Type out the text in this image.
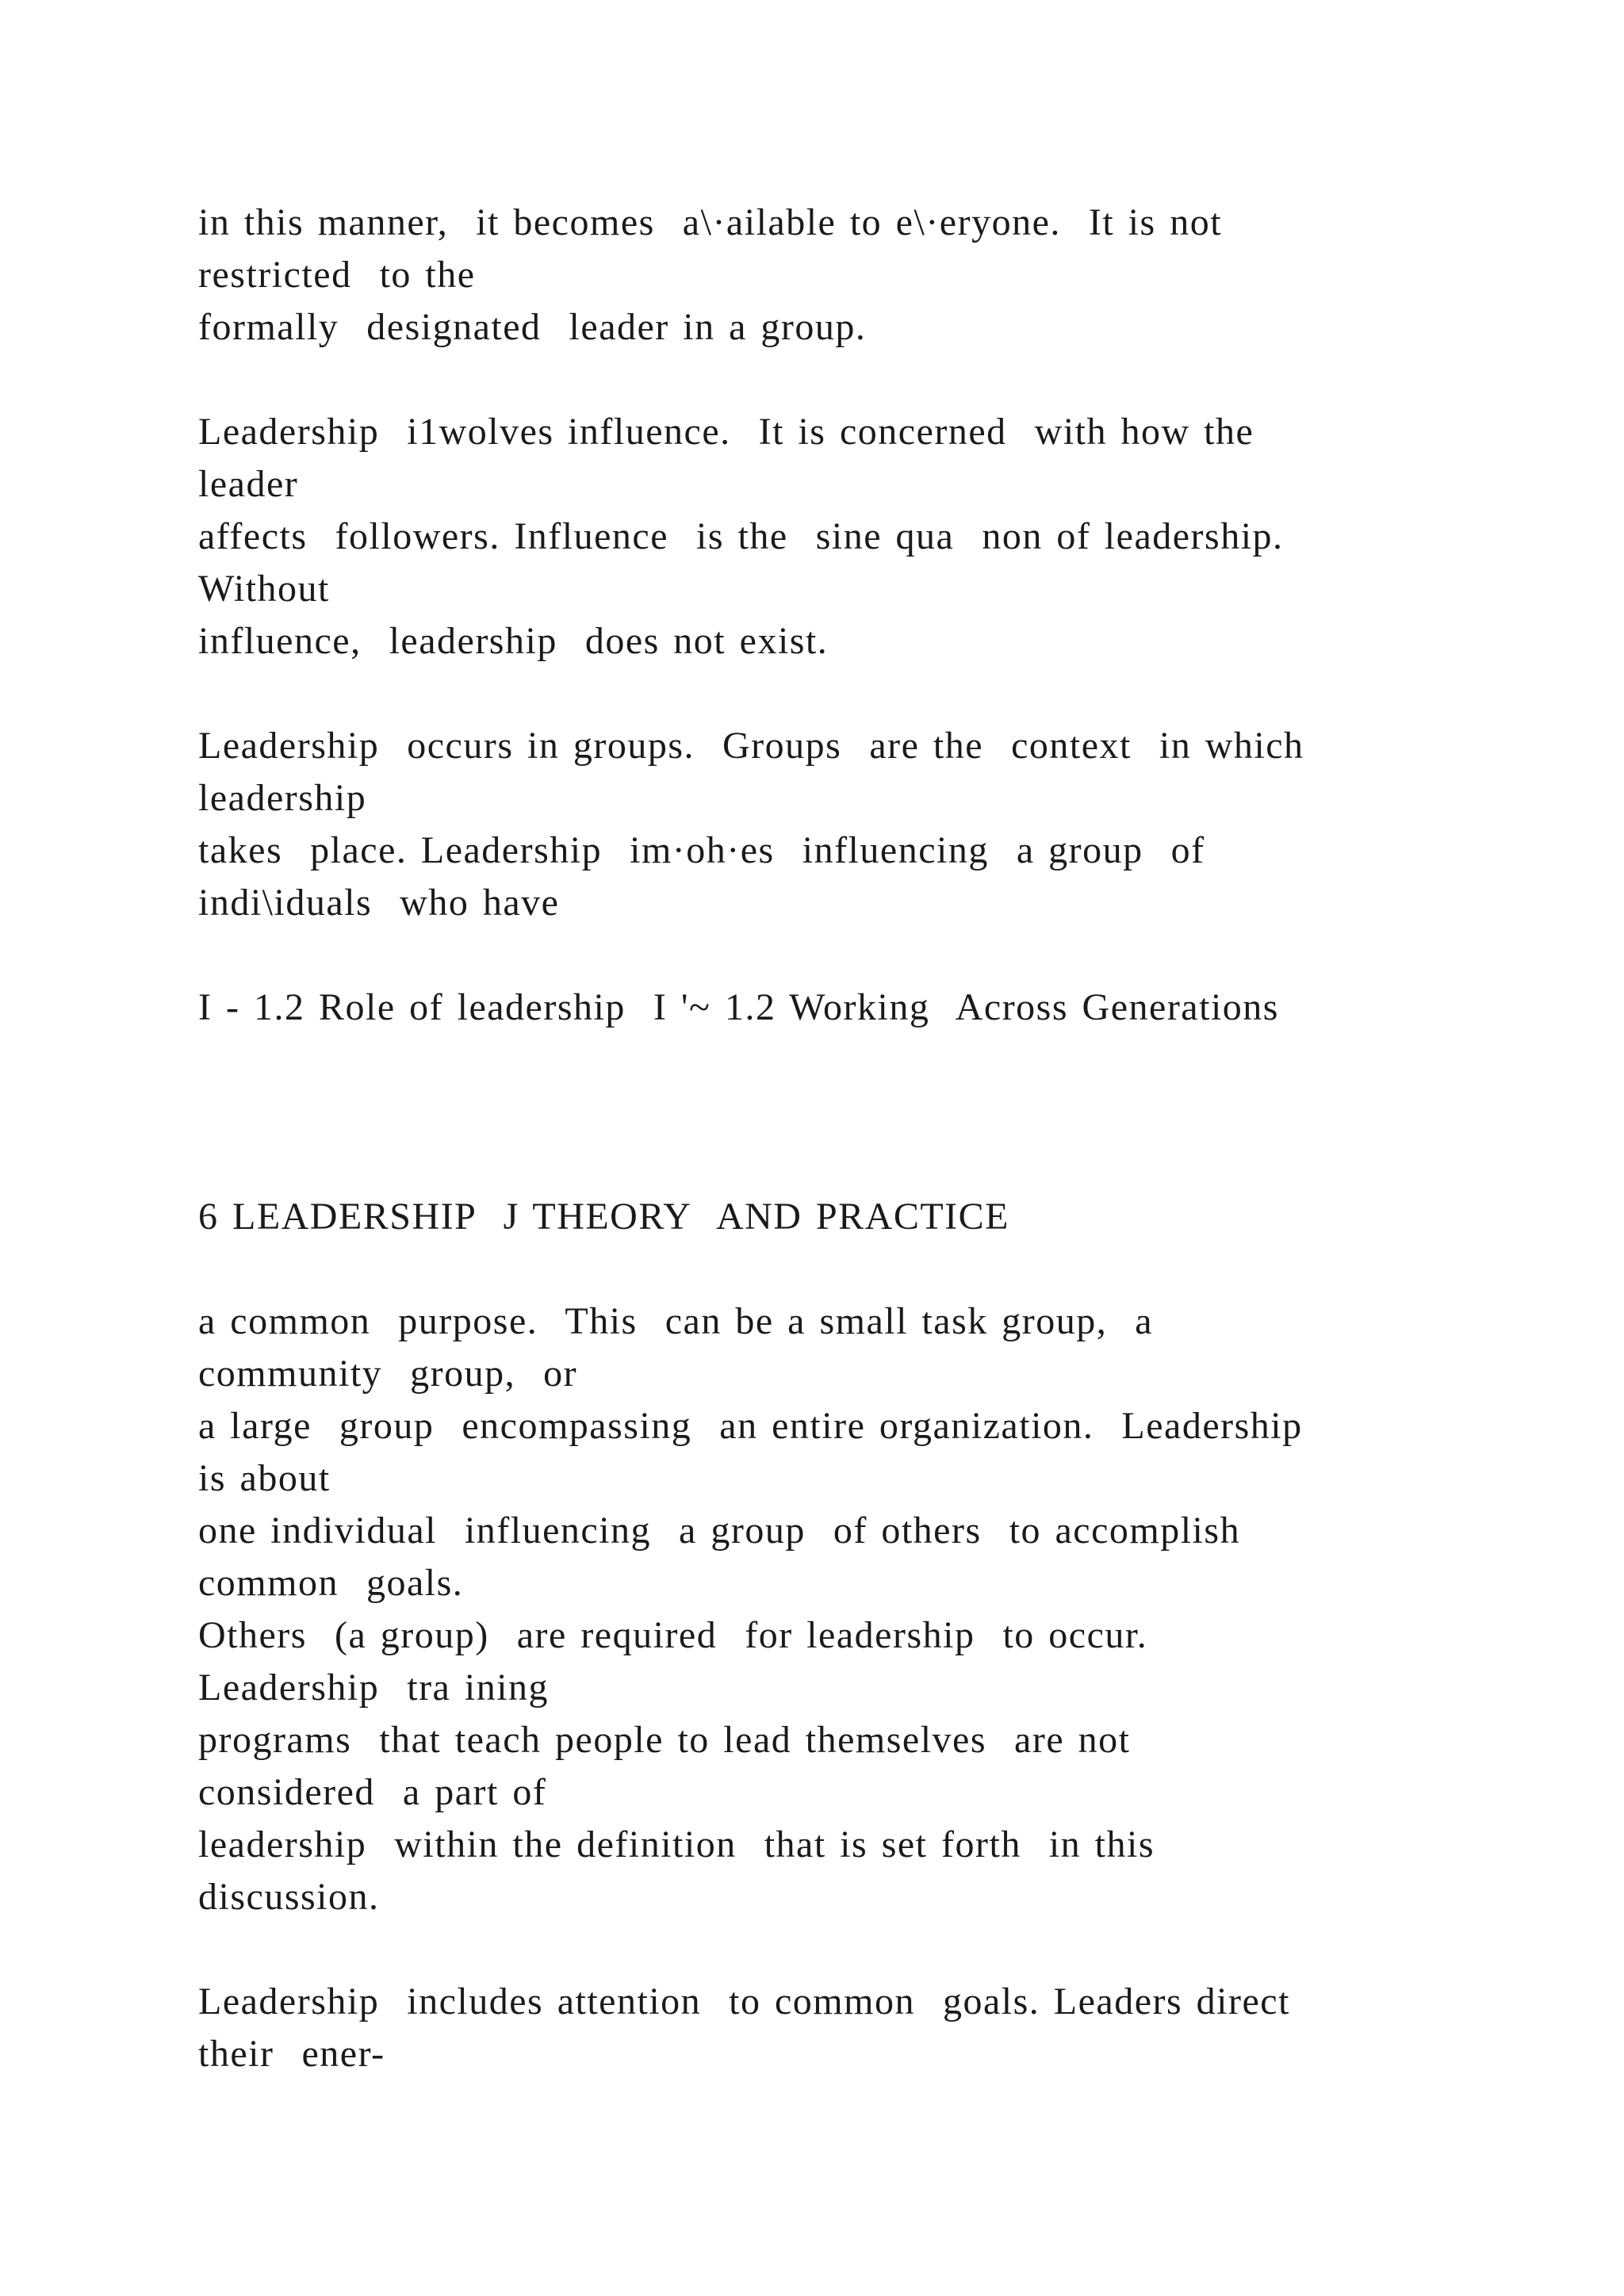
in this manner,  it becomes  a\·ailable to e\·eryone.  It is not
restricted  to the
formally  designated  leader in a group.
Leadership  i1wolves influence.  It is concerned  with how the
leader
affects  followers. Influence  is the  sine qua  non of leadership.
Without
influence,  leadership  does not exist.
Leadership  occurs in groups.  Groups  are the  context  in which
leadership
takes  place. Leadership  im·oh·es  influencing  a group  of
indi\iduals  who have
I - 1.2 Role of leadership  I '~ 1.2 Working  Across Generations
6 LEADERSHIP  J THEORY  AND PRACTICE
a common  purpose.  This  can be a small task group,  a
community  group,  or
a large  group  encompassing  an entire organization.  Leadership
is about
one individual  influencing  a group  of others  to accomplish
common  goals.
Others  (a group)  are required  for leadership  to occur.
Leadership  tra ining
programs  that teach people to lead themselves  are not
considered  a part of
leadership  within the definition  that is set forth  in this
discussion.
Leadership  includes attention  to common  goals. Leaders direct
their  ener-
